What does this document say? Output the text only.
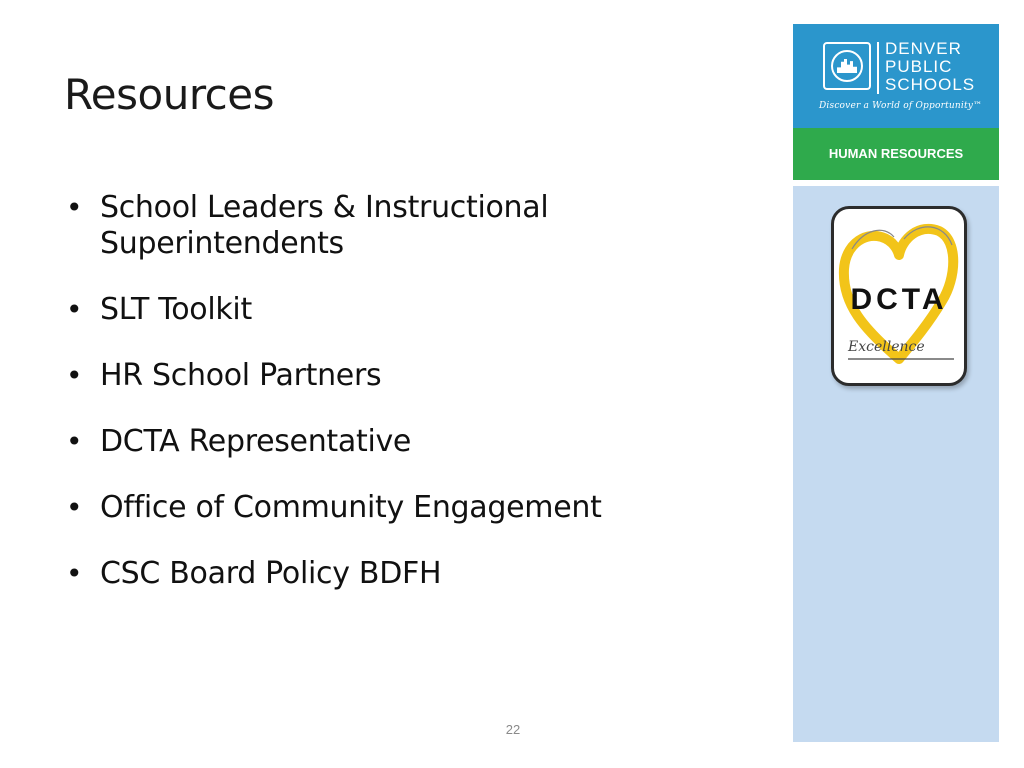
Resources
• School Leaders & Instructional Superintendents
• SLT Toolkit
• HR School Partners
• DCTA Representative
• Office of Community Engagement
• CSC Board Policy BDFH
22
DENVER
PUBLIC
SCHOOLS
Discover a World of Opportunity™
HUMAN RESOURCES
DCTA
Excellence
